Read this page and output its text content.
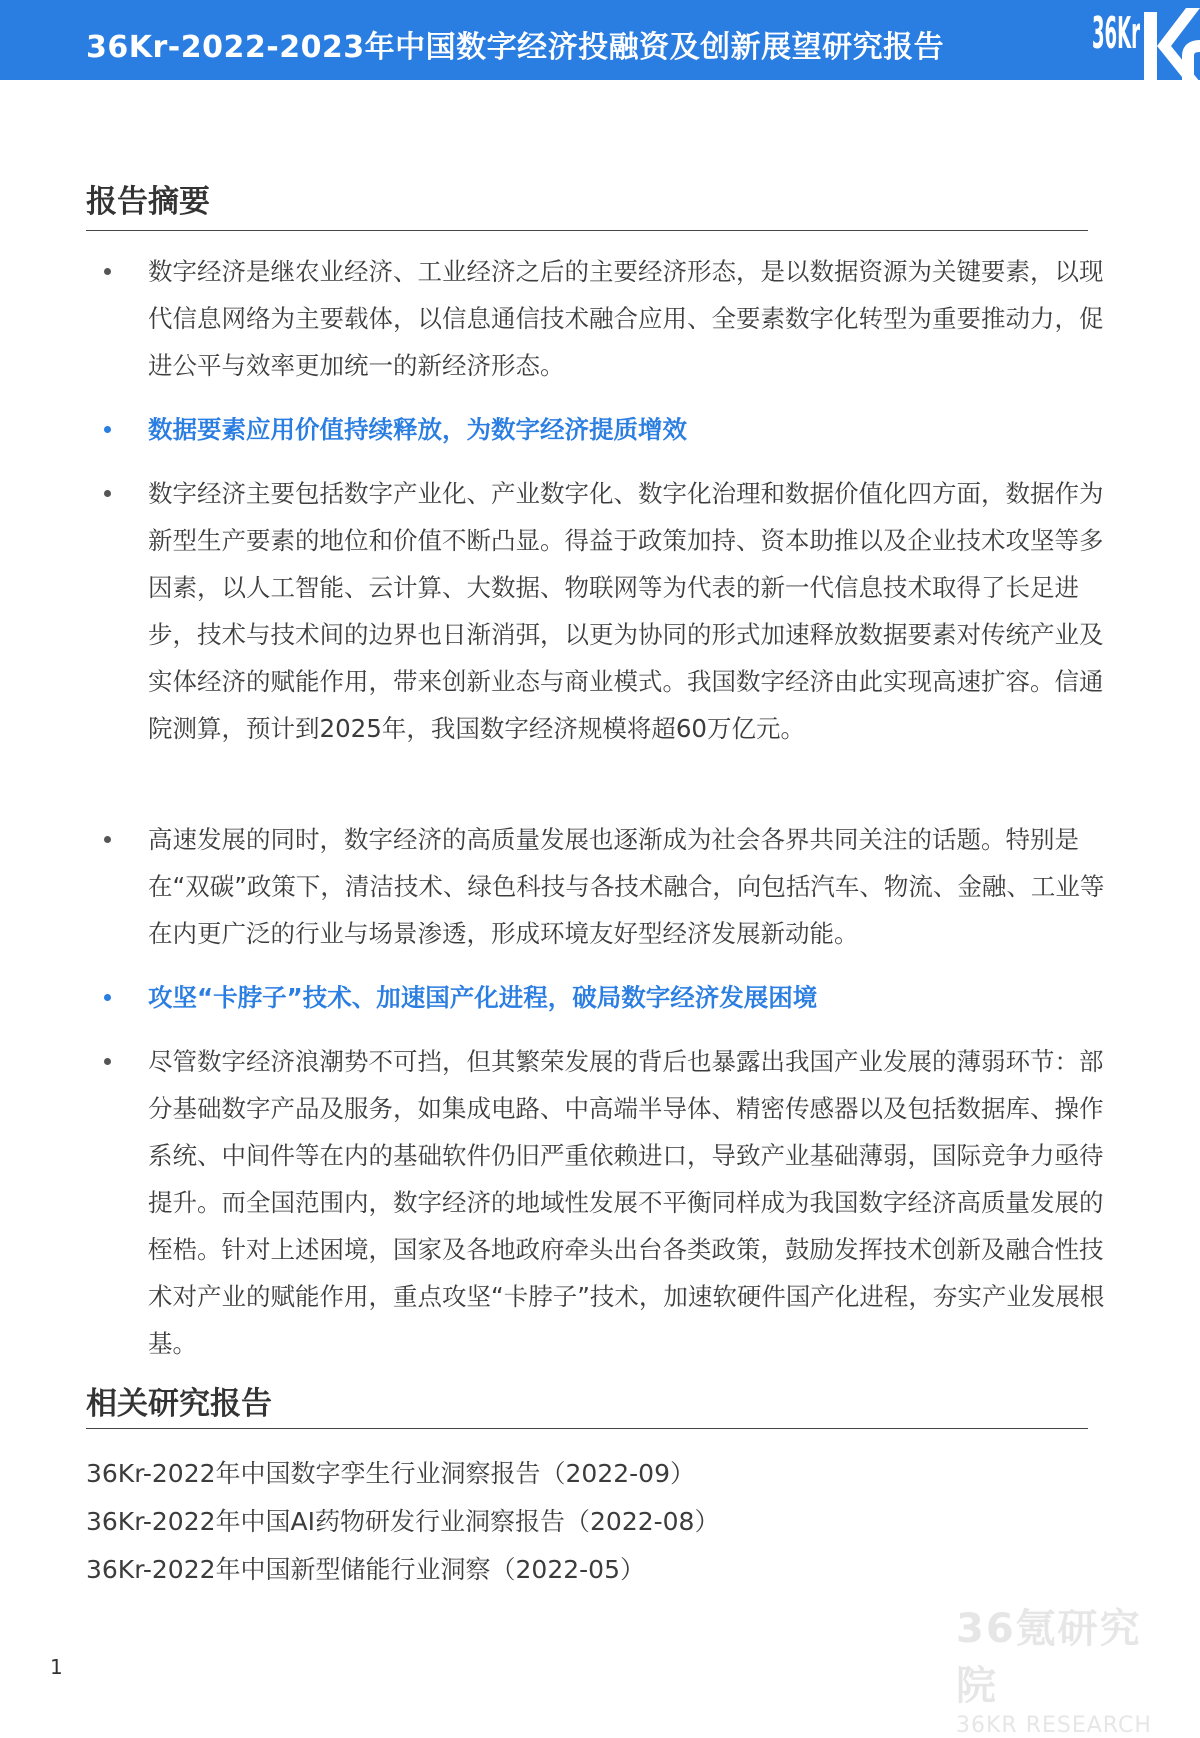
36Kr-2022-2023年中国数字经济投融资及创新展望研究报告	36Kr
报告摘要
数字经济是继农业经济、工业经济之后的主要经济形态，是以数据资源为关键要素，以现代信息网络为主要载体，以信息通信技术融合应用、全要素数字化转型为重要推动力，促进公平与效率更加统一的新经济形态。
数据要素应用价值持续释放，为数字经济提质增效
数字经济主要包括数字产业化、产业数字化、数字化治理和数据价值化四方面，数据作为新型生产要素的地位和价值不断凸显。得益于政策加持、资本助推以及企业技术攻坚等多因素，以人工智能、云计算、大数据、物联网等为代表的新一代信息技术取得了长足进步，技术与技术间的边界也日渐消弭，以更为协同的形式加速释放数据要素对传统产业及实体经济的赋能作用，带来创新业态与商业模式。我国数字经济由此实现高速扩容。信通院测算，预计到2025年，我国数字经济规模将超60万亿元。
高速发展的同时，数字经济的高质量发展也逐渐成为社会各界共同关注的话题。特别是在“双碳”政策下，清洁技术、绿色科技与各技术融合，向包括汽车、物流、金融、工业等在内更广泛的行业与场景渗透，形成环境友好型经济发展新动能。
攻坚“卡脖子”技术、加速国产化进程，破局数字经济发展困境
尽管数字经济浪潮势不可挡，但其繁荣发展的背后也暴露出我国产业发展的薄弱环节：部分基础数字产品及服务，如集成电路、中高端半导体、精密传感器以及包括数据库、操作系统、中间件等在内的基础软件仍旧严重依赖进口，导致产业基础薄弱，国际竞争力亟待提升。而全国范围内，数字经济的地域性发展不平衡同样成为我国数字经济高质量发展的桎梏。针对上述困境，国家及各地政府牵头出台各类政策，鼓励发挥技术创新及融合性技术对产业的赋能作用，重点攻坚“卡脖子”技术，加速软硬件国产化进程，夯实产业发展根基。
相关研究报告
36Kr-2022年中国数字孪生行业洞察报告（2022-09）
36Kr-2022年中国AI药物研发行业洞察报告（2022-08）
36Kr-2022年中国新型储能行业洞察（2022-05）
36氪研究院
36KR RESEARCH
1
